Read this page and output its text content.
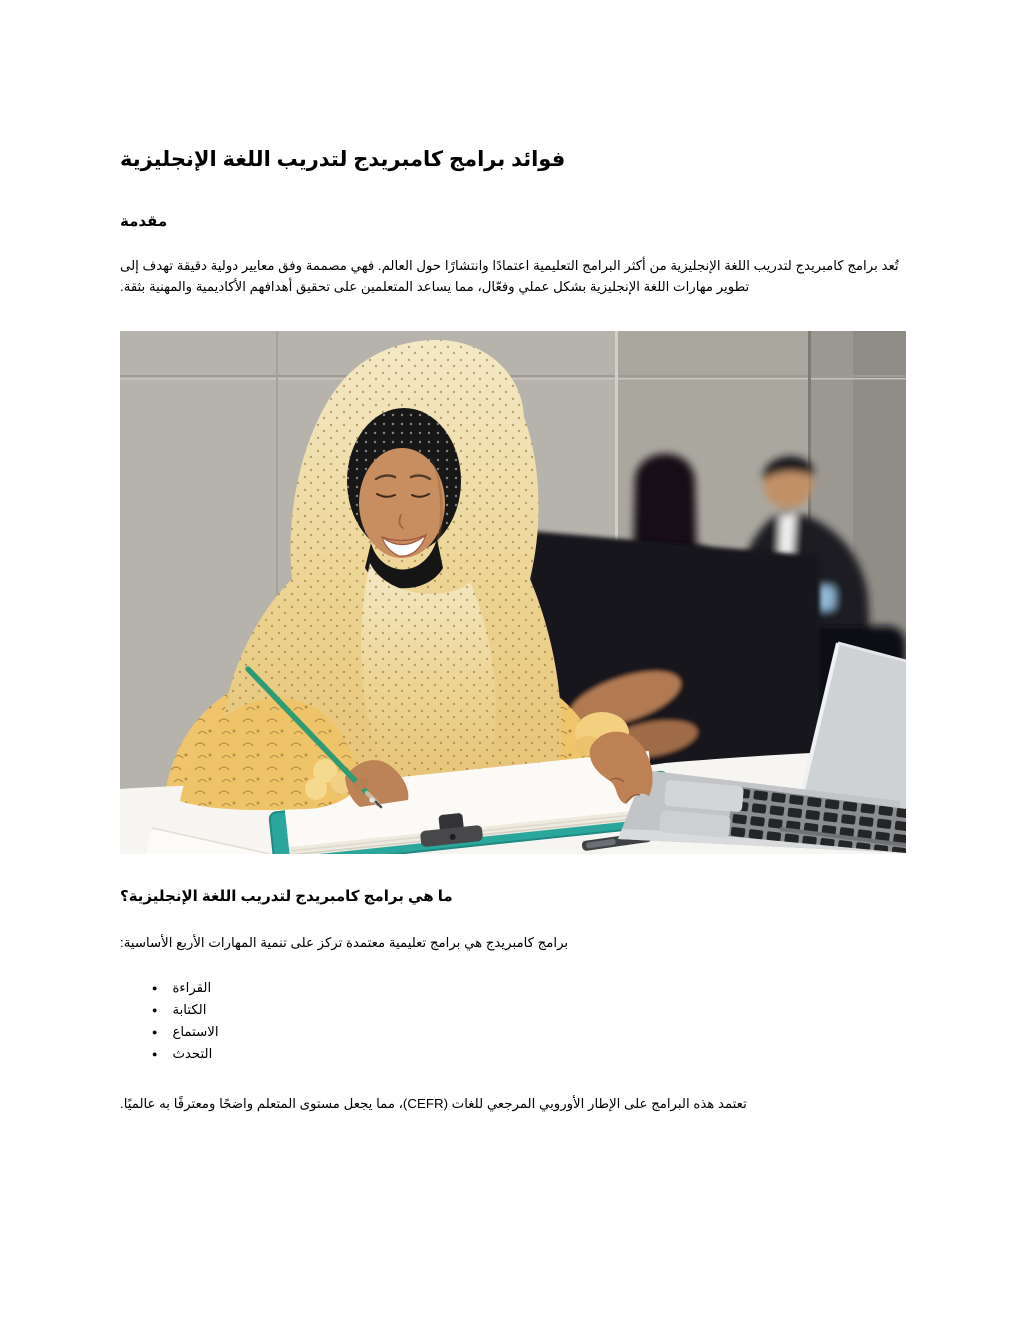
فوائد برامج كامبريدج لتدريب اللغة الإنجليزية
مقدمة

تُعد برامج كامبريدج لتدريب اللغة الإنجليزية من أكثر البرامج التعليمية اعتمادًا وانتشارًا حول العالم. فهي مصممة وفق معايير دولية دقيقة تهدف إلى تطوير مهارات اللغة الإنجليزية بشكل عملي وفعّال، مما يساعد المتعلمين على تحقيق أهدافهم الأكاديمية والمهنية بثقة.

ما هي برامج كامبريدج لتدريب اللغة الإنجليزية؟

برامج كامبريدج هي برامج تعليمية معتمدة تركز على تنمية المهارات الأربع الأساسية:

● القراءة
● الكتابة
● الاستماع
● التحدث

تعتمد هذه البرامج على الإطار الأوروبي المرجعي للغات (CEFR)، مما يجعل مستوى المتعلم واضحًا ومعترفًا به عالميًا.
